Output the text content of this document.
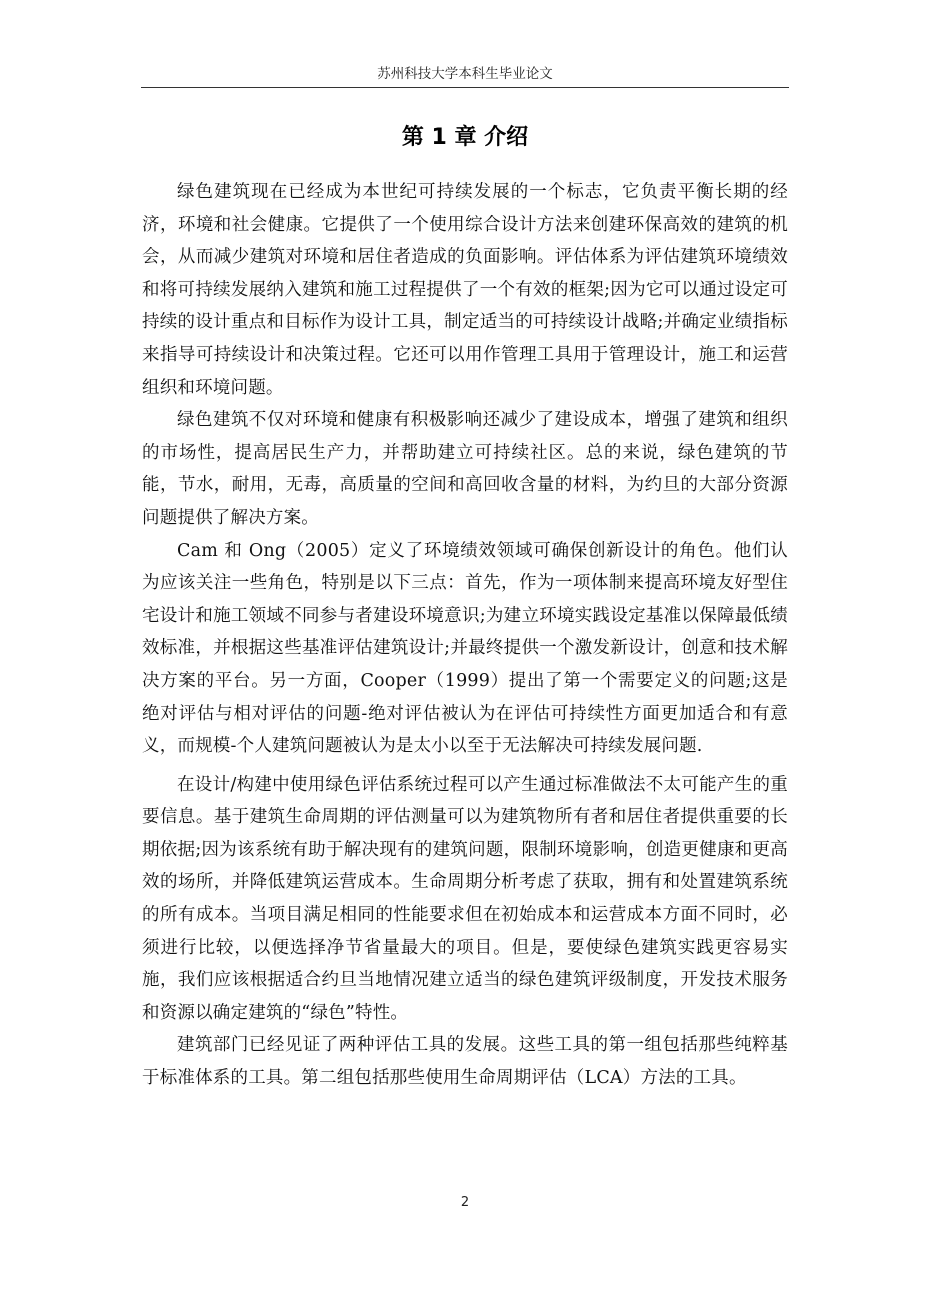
苏州科技大学本科生毕业论文
第 1 章 介绍

绿色建筑现在已经成为本世纪可持续发展的一个标志，它负责平衡长期的经济，环境和社会健康。它提供了一个使用综合设计方法来创建环保高效的建筑的机会，从而减少建筑对环境和居住者造成的负面影响。评估体系为评估建筑环境绩效和将可持续发展纳入建筑和施工过程提供了一个有效的框架;因为它可以通过设定可持续的设计重点和目标作为设计工具，制定适当的可持续设计战略;并确定业绩指标来指导可持续设计和决策过程。它还可以用作管理工具用于管理设计，施工和运营组织和环境问题。

绿色建筑不仅对环境和健康有积极影响还减少了建设成本，增强了建筑和组织的市场性，提高居民生产力，并帮助建立可持续社区。总的来说，绿色建筑的节能，节水，耐用，无毒，高质量的空间和高回收含量的材料，为约旦的大部分资源问题提供了解决方案。

Cam 和 Ong（2005）定义了环境绩效领域可确保创新设计的角色。他们认为应该关注一些角色，特别是以下三点：首先，作为一项体制来提高环境友好型住宅设计和施工领域不同参与者建设环境意识;为建立环境实践设定基准以保障最低绩效标准，并根据这些基准评估建筑设计;并最终提供一个激发新设计，创意和技术解决方案的平台。另一方面，Cooper（1999）提出了第一个需要定义的问题;这是绝对评估与相对评估的问题-绝对评估被认为在评估可持续性方面更加适合和有意义，而规模-个人建筑问题被认为是太小以至于无法解决可持续发展问题.

在设计/构建中使用绿色评估系统过程可以产生通过标准做法不太可能产生的重要信息。基于建筑生命周期的评估测量可以为建筑物所有者和居住者提供重要的长期依据;因为该系统有助于解决现有的建筑问题，限制环境影响，创造更健康和更高效的场所，并降低建筑运营成本。生命周期分析考虑了获取，拥有和处置建筑系统的所有成本。当项目满足相同的性能要求但在初始成本和运营成本方面不同时，必须进行比较，以便选择净节省量最大的项目。但是，要使绿色建筑实践更容易实施，我们应该根据适合约旦当地情况建立适当的绿色建筑评级制度，开发技术服务和资源以确定建筑的“绿色”特性。

建筑部门已经见证了两种评估工具的发展。这些工具的第一组包括那些纯粹基于标准体系的工具。第二组包括那些使用生命周期评估（LCA）方法的工具。

2
